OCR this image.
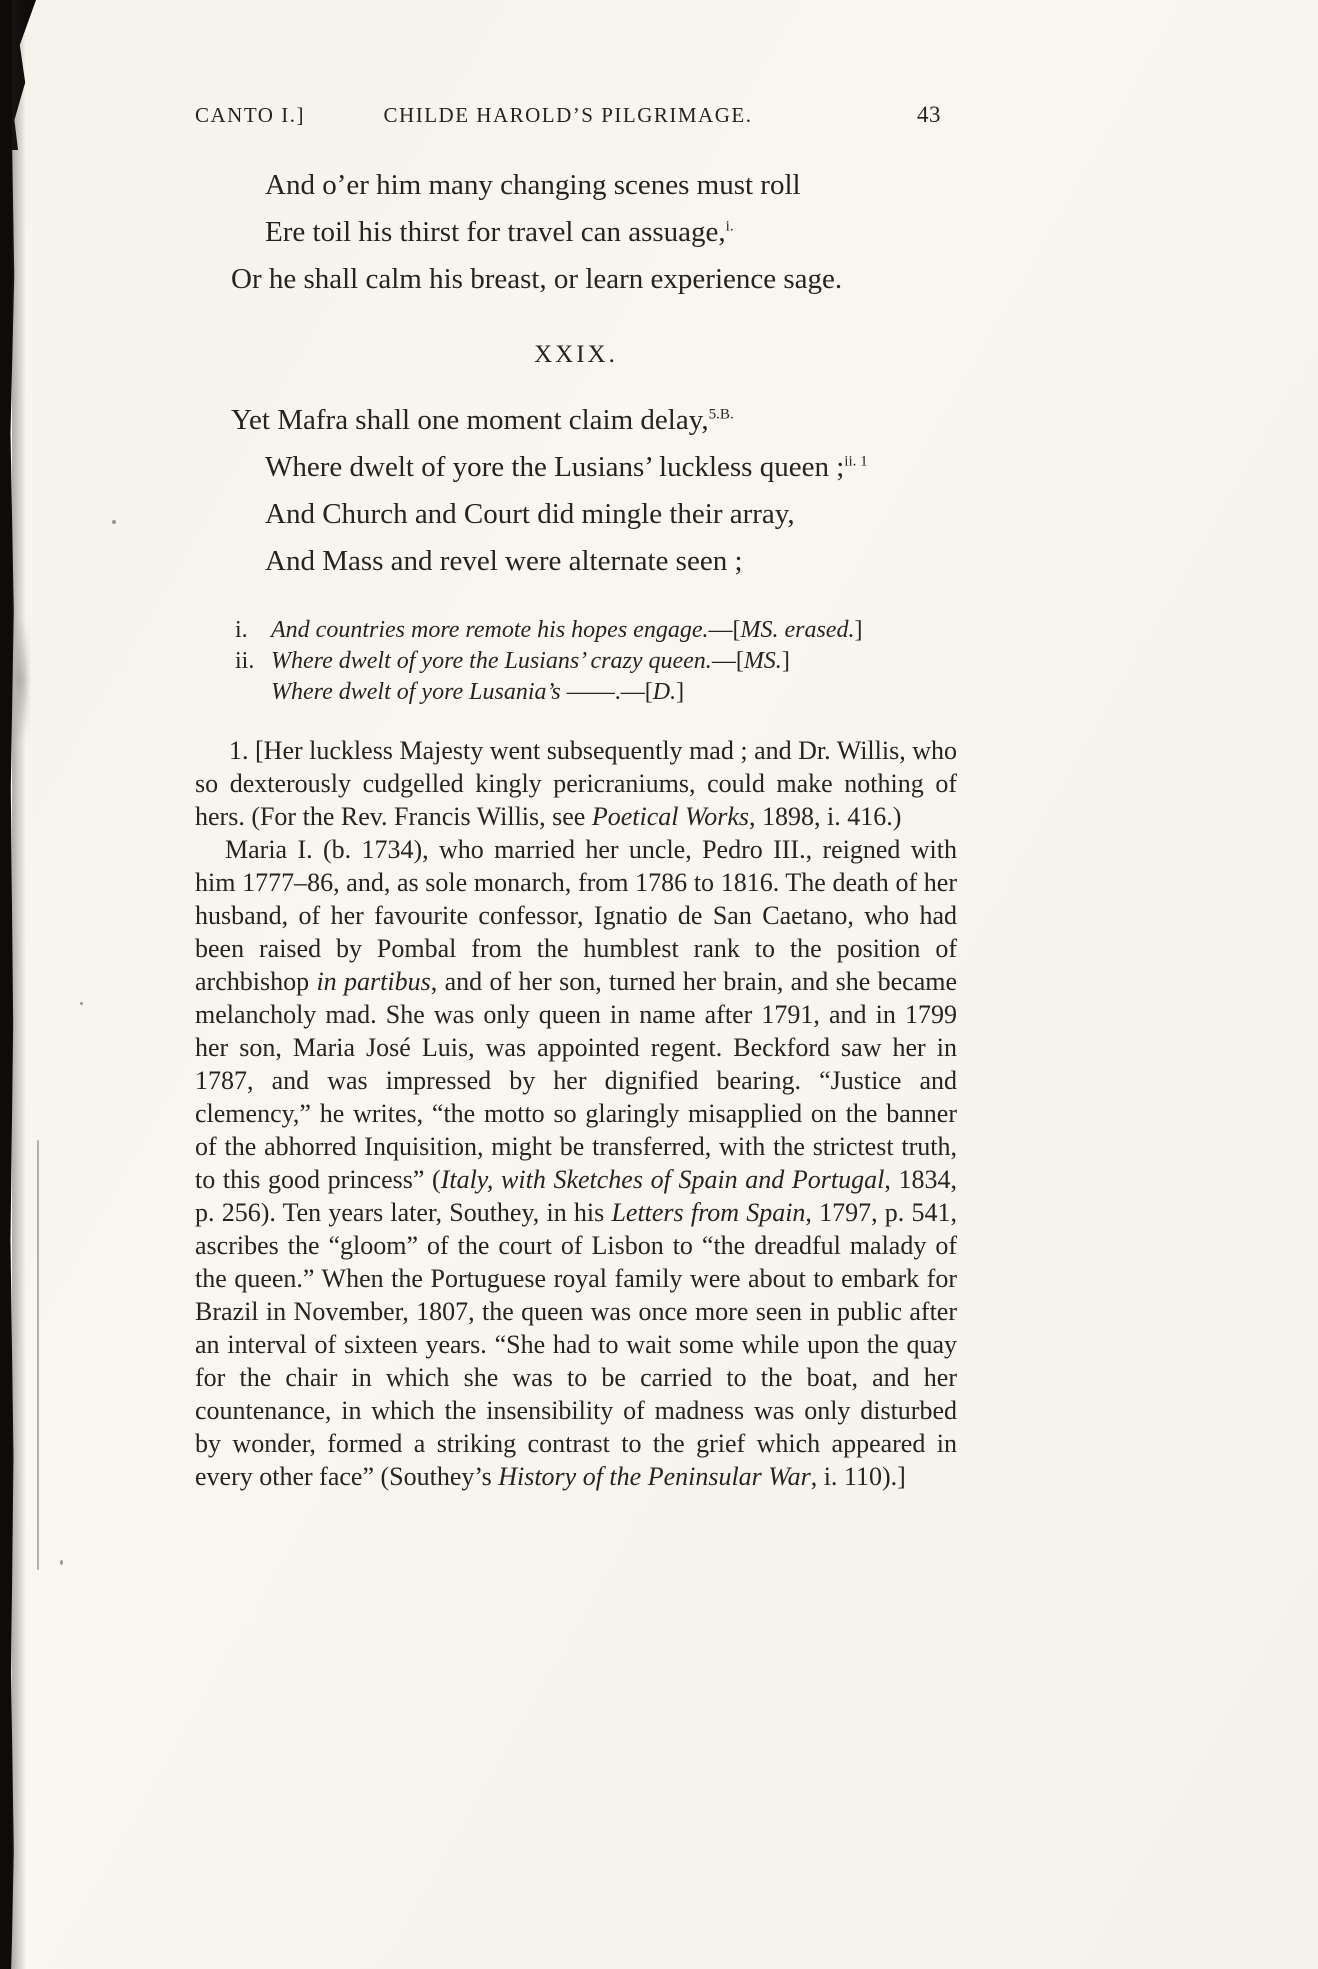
CANTO I.]	CHILDE HAROLD’S PILGRIMAGE.	43
And o’er him many changing scenes must roll
Ere toil his thirst for travel can assuage,$^{i.}$
Or he shall calm his breast, or learn experience sage.
XXIX.
Yet Mafra shall one moment claim delay,$^{5.B.}$
Where dwelt of yore the Lusians’ luckless queen ;$^{ii. 1}$
And Church and Court did mingle their array,
And Mass and revel were alternate seen ;
i. And countries more remote his hopes engage.—[MS. erased.]
ii. Where dwelt of yore the Lusians’ crazy queen.—[MS.]
Where dwelt of yore Lusania’s ——.—[D.]

1. [Her luckless Majesty went subsequently mad ; and Dr. Willis, who so dexterously cudgelled kingly pericraniums, could make nothing of hers. (For the Rev. Francis Willis, see Poetical Works, 1898, i. 416.)

Maria I. (b. 1734), who married her uncle, Pedro III., reigned with him 1777–86, and, as sole monarch, from 1786 to 1816. The death of her husband, of her favourite confessor, Ignatio de San Caetano, who had been raised by Pombal from the humblest rank to the position of archbishop in partibus, and of her son, turned her brain, and she became melancholy mad. She was only queen in name after 1791, and in 1799 her son, Maria José Luis, was appointed regent. Beckford saw her in 1787, and was impressed by her dignified bearing. “Justice and clemency,” he writes, “the motto so glaringly misapplied on the banner of the abhorred Inquisition, might be transferred, with the strictest truth, to this good princess” (Italy, with Sketches of Spain and Portugal, 1834, p. 256). Ten years later, Southey, in his Letters from Spain, 1797, p. 541, ascribes the “gloom” of the court of Lisbon to “the dreadful malady of the queen.” When the Portuguese royal family were about to embark for Brazil in November, 1807, the queen was once more seen in public after an interval of sixteen years. “She had to wait some while upon the quay for the chair in which she was to be carried to the boat, and her countenance, in which the insensibility of madness was only disturbed by wonder, formed a striking contrast to the grief which appeared in every other face” (Southey’s History of the Peninsular War, i. 110).]
